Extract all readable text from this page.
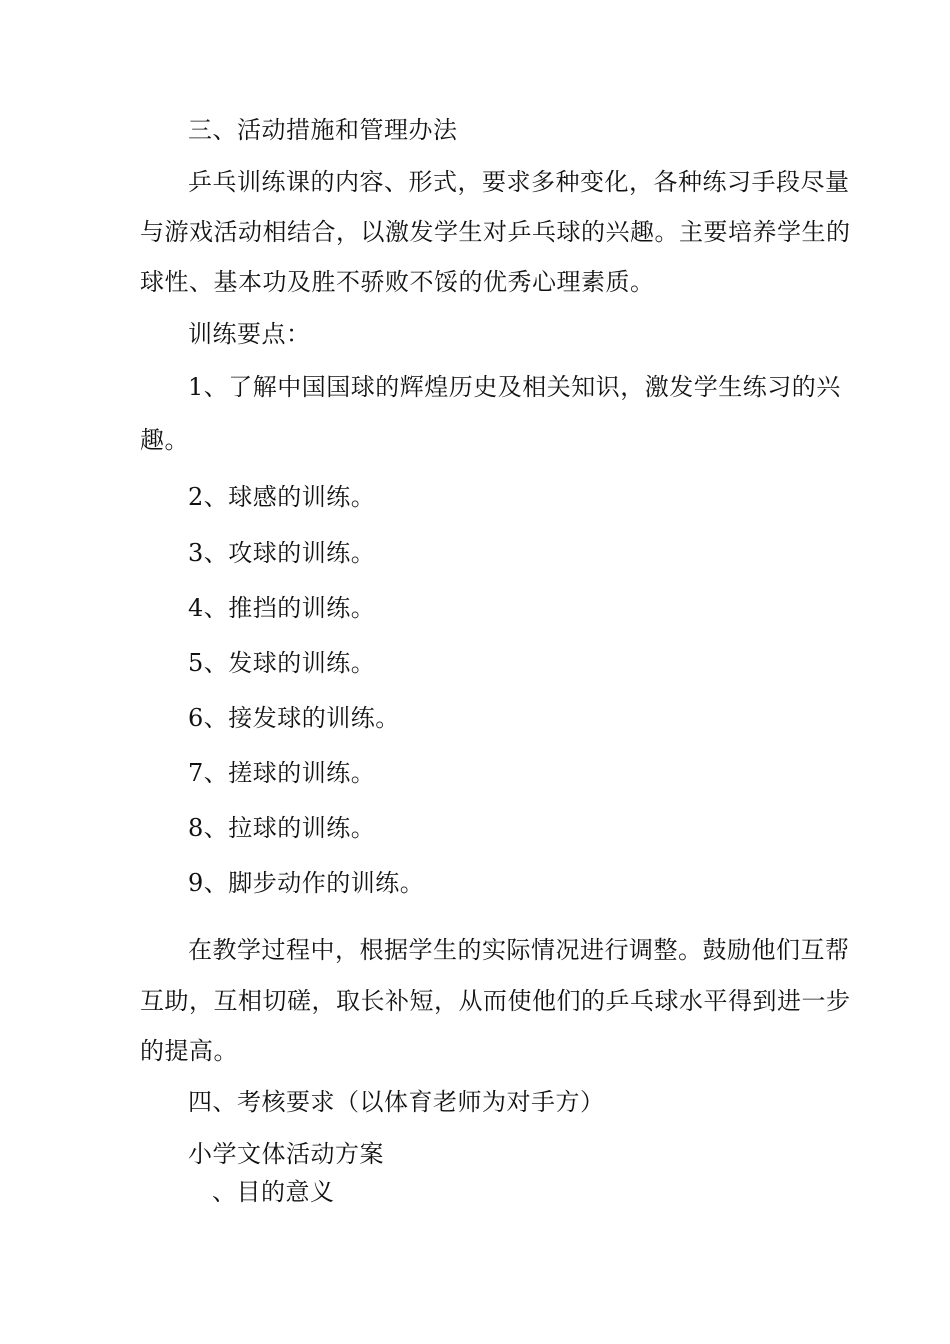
三、活动措施和管理办法
乒乓训练课的内容、形式，要求多种变化，各种练习手段尽量
与游戏活动相结合，以激发学生对乒乓球的兴趣。主要培养学生的
球性、基本功及胜不骄败不馁的优秀心理素质。
训练要点：
1、了解中国国球的辉煌历史及相关知识，激发学生练习的兴
趣。
2、球感的训练。
3、攻球的训练。
4、推挡的训练。
5、发球的训练。
6、接发球的训练。
7、搓球的训练。
8、拉球的训练。
9、脚步动作的训练。
在教学过程中，根据学生的实际情况进行调整。鼓励他们互帮
互助，互相切磋，取长补短，从而使他们的乒乓球水平得到进一步
的提高。
四、考核要求（以体育老师为对手方）
小学文体活动方案
、目的意义
